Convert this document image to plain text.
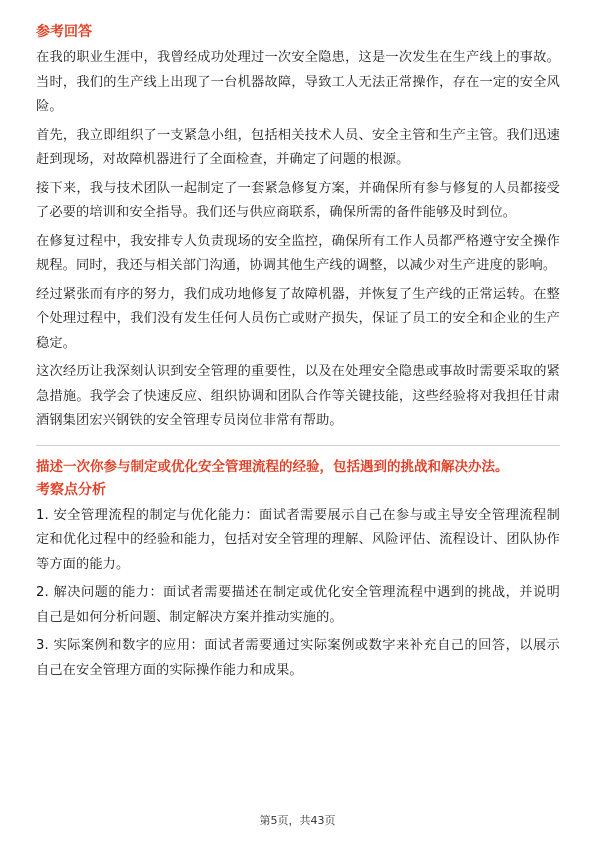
参考回答

在我的职业生涯中，我曾经成功处理过一次安全隐患，这是一次发生在生产线上的事故。当时，我们的生产线上出现了一台机器故障，导致工人无法正常操作，存在一定的安全风险。

首先，我立即组织了一支紧急小组，包括相关技术人员、安全主管和生产主管。我们迅速赶到现场，对故障机器进行了全面检查，并确定了问题的根源。

接下来，我与技术团队一起制定了一套紧急修复方案，并确保所有参与修复的人员都接受了必要的培训和安全指导。我们还与供应商联系，确保所需的备件能够及时到位。

在修复过程中，我安排专人负责现场的安全监控，确保所有工作人员都严格遵守安全操作规程。同时，我还与相关部门沟通，协调其他生产线的调整，以减少对生产进度的影响。

经过紧张而有序的努力，我们成功地修复了故障机器，并恢复了生产线的正常运转。在整个处理过程中，我们没有发生任何人员伤亡或财产损失，保证了员工的安全和企业的生产稳定。

这次经历让我深刻认识到安全管理的重要性，以及在处理安全隐患或事故时需要采取的紧急措施。我学会了快速反应、组织协调和团队合作等关键技能，这些经验将对我担任甘肃酒钢集团宏兴钢铁的安全管理专员岗位非常有帮助。

描述一次你参与制定或优化安全管理流程的经验，包括遇到的挑战和解决办法。
考察点分析

1. 安全管理流程的制定与优化能力：面试者需要展示自己在参与或主导安全管理流程制定和优化过程中的经验和能力，包括对安全管理的理解、风险评估、流程设计、团队协作等方面的能力。

2. 解决问题的能力：面试者需要描述在制定或优化安全管理流程中遇到的挑战，并说明自己是如何分析问题、制定解决方案并推动实施的。

3. 实际案例和数字的应用：面试者需要通过实际案例或数字来补充自己的回答，以展示自己在安全管理方面的实际操作能力和成果。

第5页，共43页
